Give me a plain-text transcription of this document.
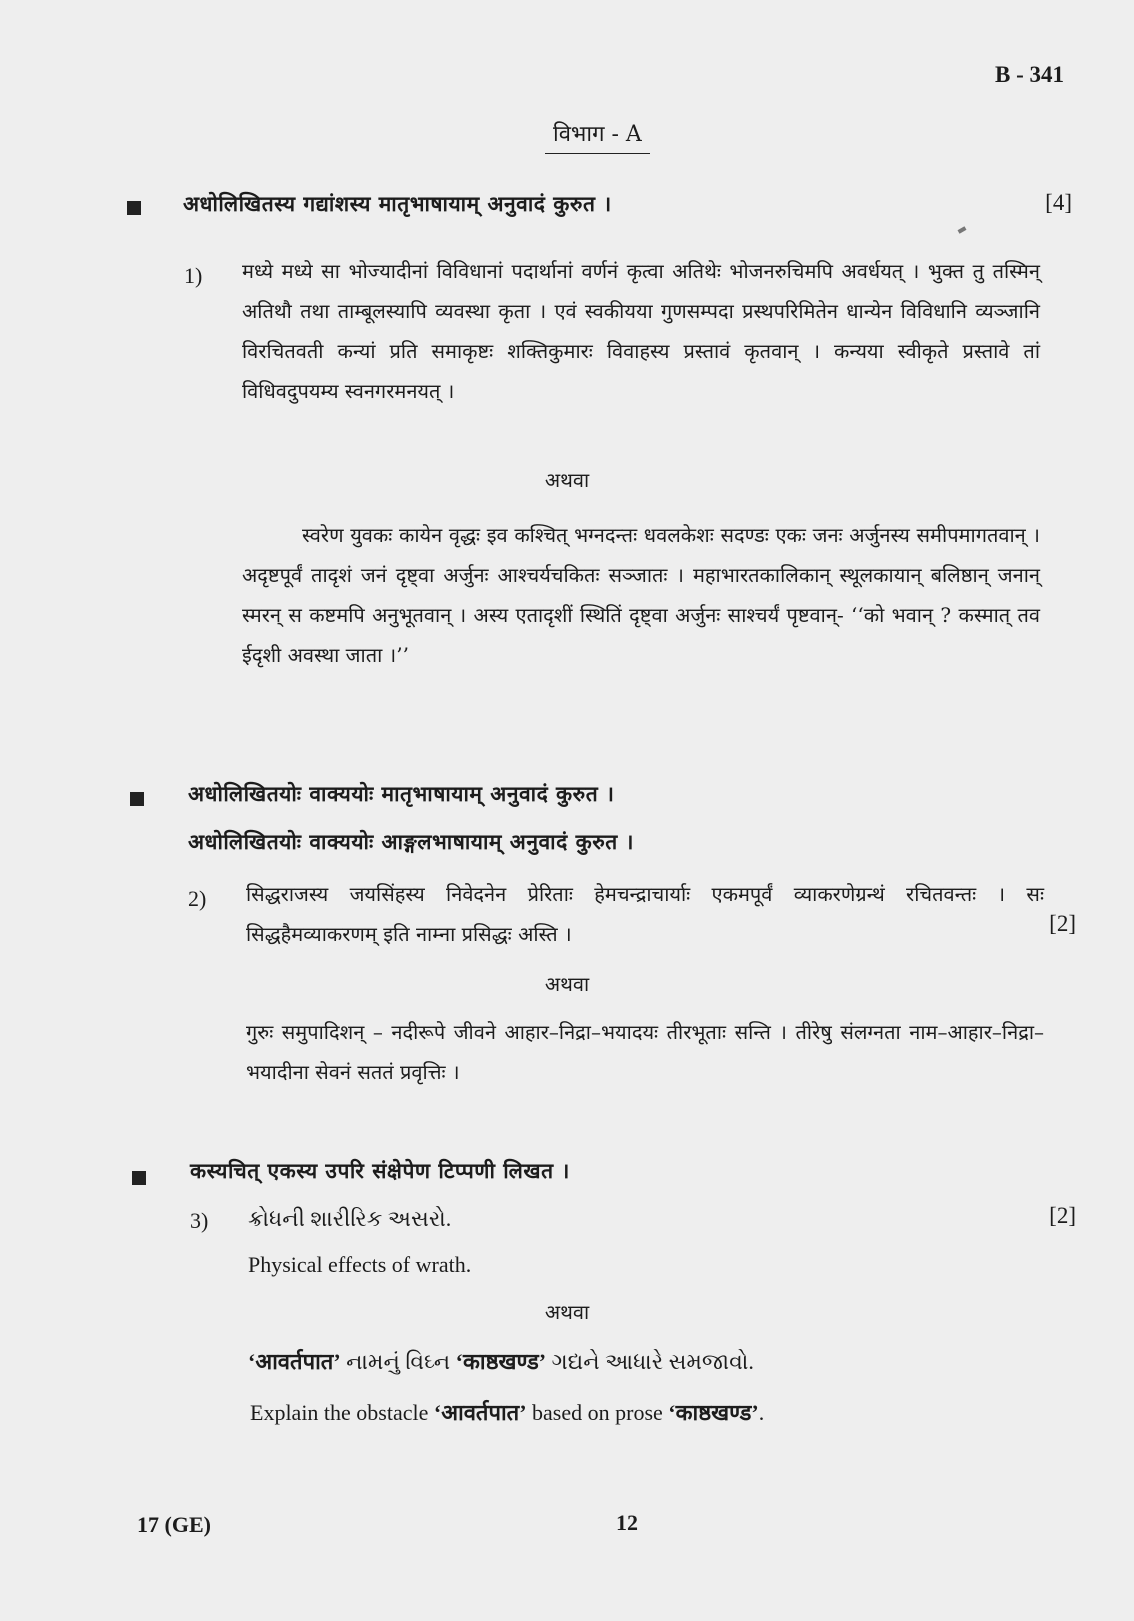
B - 341
विभाग - A
अधोलिखितस्य गद्यांशस्य मातृभाषायाम् अनुवादं कुरुत ।	[4]
1) मध्ये मध्ये सा भोज्यादीनां विविधानां पदार्थानां वर्णनं कृत्वा अतिथेः भोजनरुचिमपि अवर्धयत् । भुक्त तु तस्मिन् अतिथौ तथा ताम्बूलस्यापि व्यवस्था कृता । एवं स्वकीयया गुणसम्पदा प्रस्थपरिमितेन धान्येन विविधानि व्यञ्जानि विरचितवती कन्यां प्रति समाकृष्टः शक्तिकुमारः विवाहस्य प्रस्तावं कृतवान् । कन्यया स्वीकृते प्रस्तावे तां विधिवदुपयम्य स्वनगरमनयत् ।
अथवा
स्वरेण युवकः कायेन वृद्धः इव कश्चित् भग्नदन्तः धवलकेशः सदण्डः एकः जनः अर्जुनस्य समीपमागतवान् । अदृष्टपूर्वं तादृशं जनं दृष्ट्वा अर्जुनः आश्चर्यचकितः सञ्जातः । महाभारतकालिकान् स्थूलकायान् बलिष्ठान् जनान् स्मरन् स कष्टमपि अनुभूतवान् । अस्य एतादृशीं स्थितिं दृष्ट्वा अर्जुनः साश्चर्यं पृष्टवान्- ‘‘को भवान् ? कस्मात् तव ईदृशी अवस्था जाता ।’’
अधोलिखितयोः वाक्ययोः मातृभाषायाम् अनुवादं कुरुत ।
अधोलिखितयोः वाक्ययोः आङ्गलभाषायाम् अनुवादं कुरुत ।
2) सिद्धराजस्य जयसिंहस्य निवेदनेन प्रेरिताः हेमचन्द्राचार्याः एकमपूर्वं व्याकरणेग्रन्थं रचितवन्तः । सः सिद्धहैमव्याकरणम् इति नाम्ना प्रसिद्धः अस्ति ।	[2]
अथवा
गुरुः समुपादिशन् – नदीरूपे जीवने आहार–निद्रा–भयादयः तीरभूताः सन्ति । तीरेषु संलग्नता नाम–आहार–निद्रा–भयादीना सेवनं सततं प्रवृत्तिः ।
कस्यचित् एकस्य उपरि संक्षेपेण टिप्पणी लिखत ।
3) ક્રોધની શારીરિક અસરો.	[2]
Physical effects of wrath.
अथवा
‘आवर्तपात’ નામનું વિઘ્ન ‘काष्ठखण्ड’ ગદ્યને આધારે સમજાવો.
Explain the obstacle ‘आवर्तपात’ based on prose ‘काष्ठखण्ड’.
17 (GE)	12
